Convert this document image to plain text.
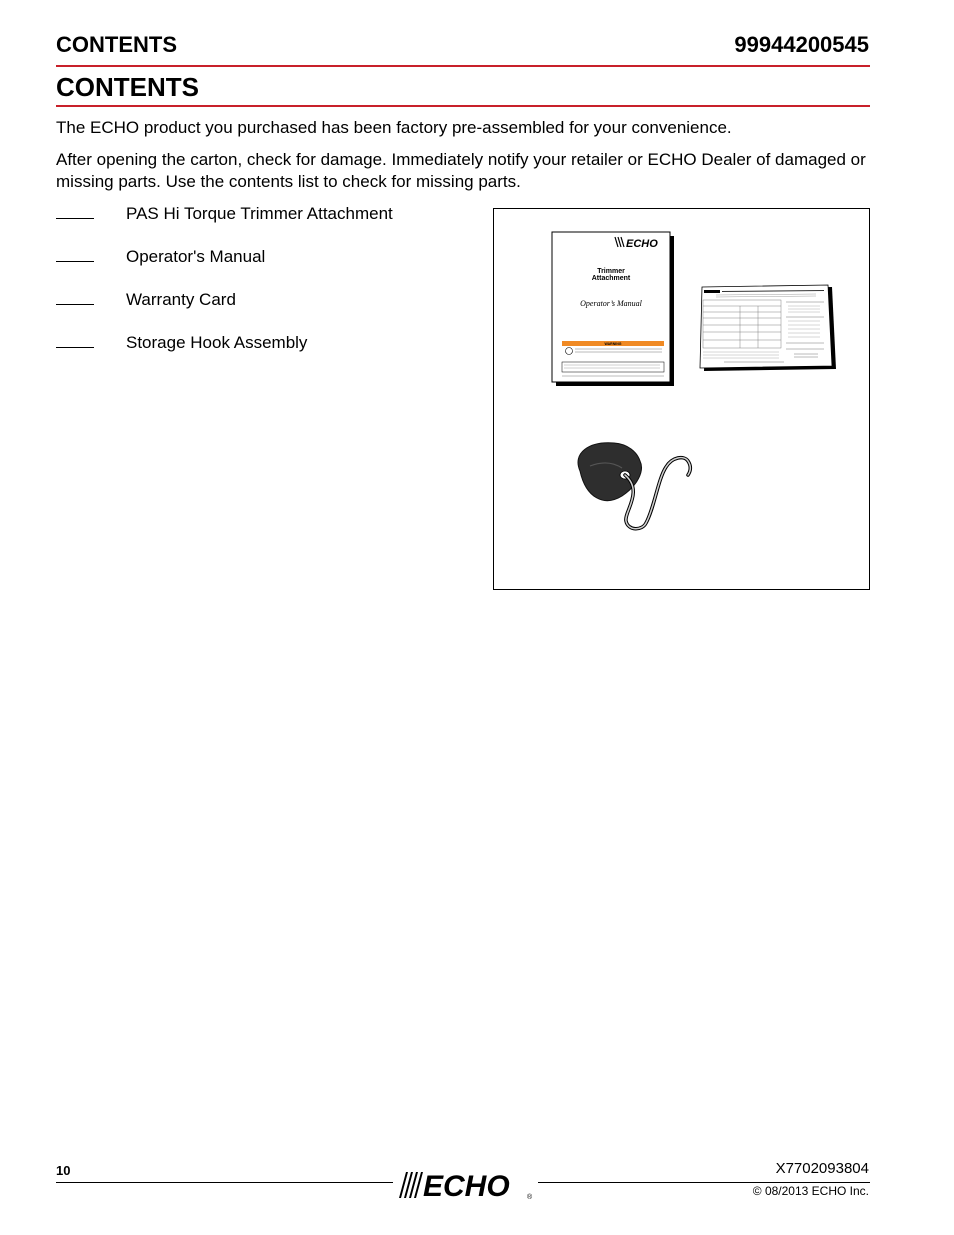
CONTENTS	99944200545
CONTENTS
The ECHO product you purchased has been factory pre-assembled for your convenience.
After opening the carton, check for damage. Immediately notify your retailer or ECHO Dealer of damaged or missing parts. Use the contents list to check for missing parts.
PAS Hi Torque Trimmer Attachment
Operator's Manual
Warranty Card
Storage Hook Assembly
ECHO
Trimmer
Attachment
Operator’s Manual
WARNING
10	X7702093804
© 08/2013 ECHO Inc.
ECHO ®
